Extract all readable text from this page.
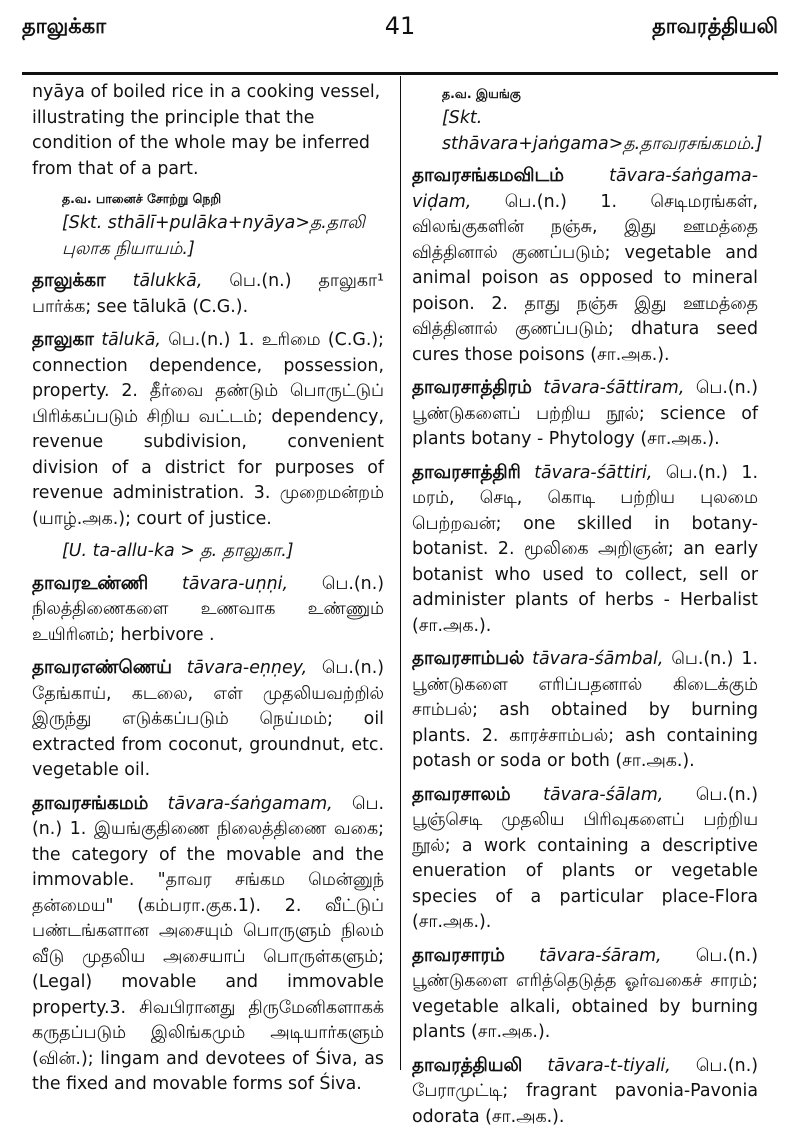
41
தாலுக்கா	தாவரத்தியலி
nyāya of boiled rice in a cooking vessel,
illustrating the principle that the
condition of the whole may be inferred
from that of a part.
த.வ. பானைச் சோற்று நெறி
[Skt. sthālī+pulāka+nyāya>த.தாலி புலாக நியாயம்.]
தாலுக்கா tālukkā, பெ.(n.) தாலுகா¹ பார்க்க; see tālukā (C.G.).
தாலுகா tālukā, பெ.(n.) 1. உரிமை (C.G.); connection dependence, possession, property. 2. தீர்வை தண்டும் பொருட்டுப் பிரிக்கப்படும் சிறிய வட்டம்; dependency, revenue subdivision, convenient division of a district for purposes of revenue administration. 3. முறைமன்றம் (யாழ்.அக.); court of justice.
[U. ta-allu-ka > த. தாலுகா.]
தாவரஉண்ணி tāvara-uṇṇi, பெ.(n.) நிலத்திணைகளை உணவாக உண்ணும் உயிரினம்; herbivore .
தாவரஎண்ணெய் tāvara-eṇṇey, பெ.(n.) தேங்காய், கடலை, எள் முதலியவற்றில் இருந்து எடுக்கப்படும் நெய்மம்; oil extracted from coconut, groundnut, etc. vegetable oil.
தாவரசங்கமம் tāvara-śaṅgamam, பெ.(n.) 1. இயங்குதிணை நிலைத்திணை வகை; the category of the movable and the immovable. "தாவர சங்கம மென்னுந் தன்மைய" (கம்பரா.குக.1). 2. வீட்டுப் பண்டங்களான அசையும் பொருளும் நிலம் வீடு முதலிய அசையாப் பொருள்களும்; (Legal) movable and immovable property.3. சிவபிரானது திருமேனிகளாகக் கருதப்படும் இலிங்கமும் அடியார்களும் (வின்.); lingam and devotees of Śiva, as the fixed and movable forms sof Śiva.
த.வ. இயங்கு
[Skt. sthāvara+jaṅgama>த.தாவரசங்கமம்.]
தாவரசங்கமவிடம்	tāvara-śaṅgama-viḍam, பெ.(n.) 1. செடிமரங்கள், விலங்குகளின் நஞ்சு, இது ஊமத்தை வித்தினால் குணப்படும்; vegetable and animal poison as opposed to mineral poison. 2. தாது நஞ்சு இது ஊமத்தை வித்தினால் குணப்படும்; dhatura seed cures those poisons (சா.அக.).
தாவரசாத்திரம் tāvara-śāttiram, பெ.(n.) பூண்டுகளைப் பற்றிய நூல்; science of plants botany - Phytology (சா.அக.).
தாவரசாத்திரி tāvara-śāttiri, பெ.(n.) 1. மரம், செடி, கொடி பற்றிய புலமை பெற்றவன்; one skilled in botany-botanist. 2. மூலிகை அறிஞன்; an early botanist who used to collect, sell or administer plants of herbs - Herbalist (சா.அக.).
தாவரசாம்பல் tāvara-śāmbal, பெ.(n.) 1. பூண்டுகளை எரிப்பதனால் கிடைக்கும் சாம்பல்; ash obtained by burning plants. 2. காரச்சாம்பல்; ash containing potash or soda or both (சா.அக.).
தாவரசாலம் tāvara-śālam, பெ.(n.) பூஞ்செடி முதலிய பிரிவுகளைப் பற்றிய நூல்; a work containing a descriptive enueration of plants or vegetable species of a particular place-Flora (சா.அக.).
தாவரசாரம் tāvara-śāram, பெ.(n.) பூண்டுகளை எரித்தெடுத்த ஓர்வகைச் சாரம்; vegetable alkali, obtained by burning plants (சா.அக.).
தாவரத்தியலி tāvara-t-tiyali, பெ.(n.) பேராமுட்டி; fragrant pavonia-Pavonia odorata (சா.அக.).
